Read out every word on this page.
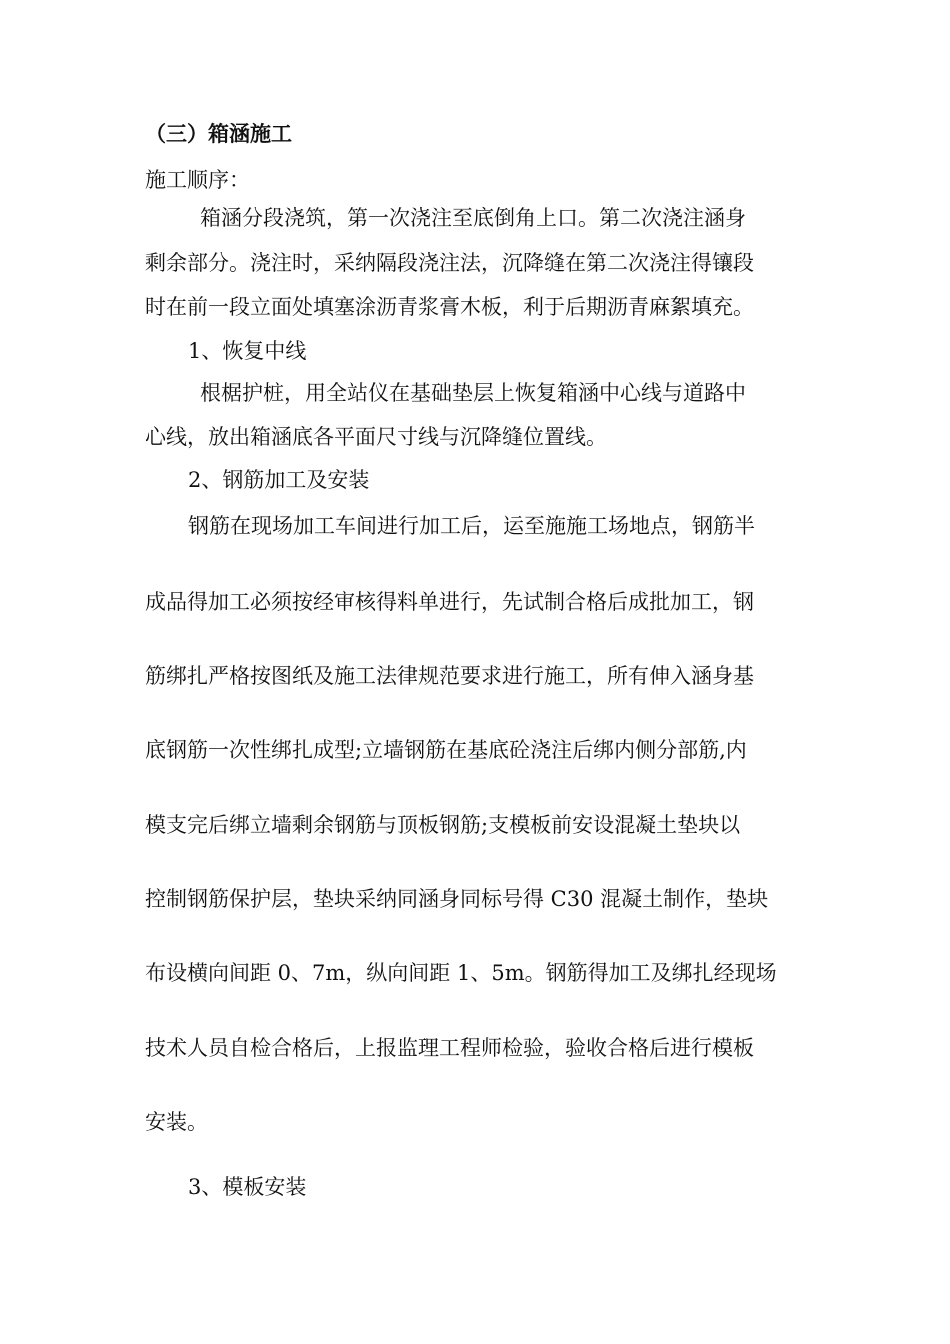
（三）箱涵施工
施工顺序：
箱涵分段浇筑，第一次浇注至底倒角上口。第二次浇注涵身
剩余部分。浇注时，采纳隔段浇注法，沉降缝在第二次浇注得镶段
时在前一段立面处填塞涂沥青浆膏木板，利于后期沥青麻絮填充。
1、恢复中线
根椐护桩，用全站仪在基础垫层上恢复箱涵中心线与道路中
心线，放出箱涵底各平面尺寸线与沉降缝位置线。
2、钢筋加工及安装
钢筋在现场加工车间进行加工后，运至施施工场地点，钢筋半
成品得加工必须按经审核得料单进行，先试制合格后成批加工，钢
筋绑扎严格按图纸及施工法律规范要求进行施工，所有伸入涵身基
底钢筋一次性绑扎成型;立墙钢筋在基底砼浇注后绑内侧分部筋,内
模支完后绑立墙剩余钢筋与顶板钢筋;支模板前安设混凝土垫块以
控制钢筋保护层，垫块采纳同涵身同标号得 C30 混凝土制作，垫块
布设横向间距 0、7m，纵向间距 1、5m。钢筋得加工及绑扎经现场
技术人员自检合格后，上报监理工程师检验，验收合格后进行模板
安装。
3、模板安装
